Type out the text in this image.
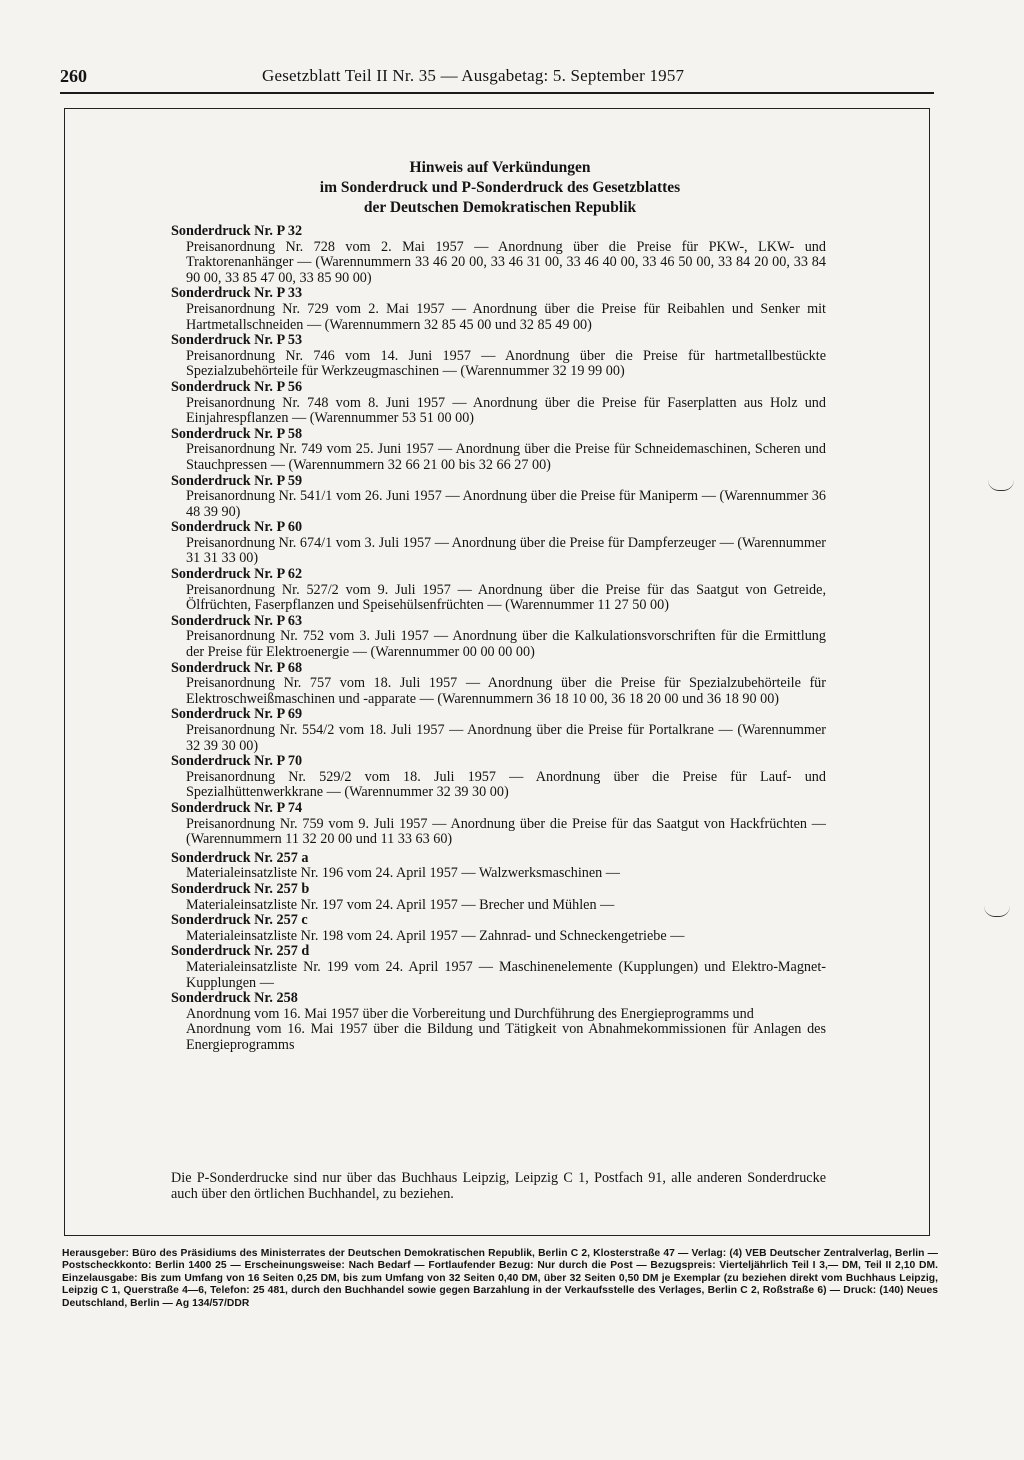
260	Gesetzblatt Teil II Nr. 35 — Ausgabetag: 5. September 1957
Hinweis auf Verkündungen
im Sonderdruck und P-Sonderdruck des Gesetzblattes
der Deutschen Demokratischen Republik
Sonderdruck Nr. P 32
Preisanordnung Nr. 728 vom 2. Mai 1957 — Anordnung über die Preise für PKW-, LKW- und Traktorenanhänger — (Warennummern 33 46 20 00, 33 46 31 00, 33 46 40 00, 33 46 50 00, 33 84 20 00, 33 84 90 00, 33 85 47 00, 33 85 90 00)
Sonderdruck Nr. P 33
Preisanordnung Nr. 729 vom 2. Mai 1957 — Anordnung über die Preise für Reibahlen und Senker mit Hartmetallschneiden — (Warennummern 32 85 45 00 und 32 85 49 00)
Sonderdruck Nr. P 53
Preisanordnung Nr. 746 vom 14. Juni 1957 — Anordnung über die Preise für hartmetallbestückte Spezialzubehörteile für Werkzeugmaschinen — (Warennummer 32 19 99 00)
Sonderdruck Nr. P 56
Preisanordnung Nr. 748 vom 8. Juni 1957 — Anordnung über die Preise für Faserplatten aus Holz und Einjahrespflanzen — (Warennummer 53 51 00 00)
Sonderdruck Nr. P 58
Preisanordnung Nr. 749 vom 25. Juni 1957 — Anordnung über die Preise für Schneidemaschinen, Scheren und Stauchpressen — (Warennummern 32 66 21 00 bis 32 66 27 00)
Sonderdruck Nr. P 59
Preisanordnung Nr. 541/1 vom 26. Juni 1957 — Anordnung über die Preise für Maniperm — (Warennummer 36 48 39 90)
Sonderdruck Nr. P 60
Preisanordnung Nr. 674/1 vom 3. Juli 1957 — Anordnung über die Preise für Dampferzeuger — (Warennummer 31 31 33 00)
Sonderdruck Nr. P 62
Preisanordnung Nr. 527/2 vom 9. Juli 1957 — Anordnung über die Preise für das Saatgut von Getreide, Ölfrüchten, Faserpflanzen und Speisehülsenfrüchten — (Warennummer 11 27 50 00)
Sonderdruck Nr. P 63
Preisanordnung Nr. 752 vom 3. Juli 1957 — Anordnung über die Kalkulationsvorschriften für die Ermittlung der Preise für Elektroenergie — (Warennummer 00 00 00 00)
Sonderdruck Nr. P 68
Preisanordnung Nr. 757 vom 18. Juli 1957 — Anordnung über die Preise für Spezialzubehörteile für Elektroschweißmaschinen und -apparate — (Warennummern 36 18 10 00, 36 18 20 00 und 36 18 90 00)
Sonderdruck Nr. P 69
Preisanordnung Nr. 554/2 vom 18. Juli 1957 — Anordnung über die Preise für Portalkrane — (Warennummer 32 39 30 00)
Sonderdruck Nr. P 70
Preisanordnung Nr. 529/2 vom 18. Juli 1957 — Anordnung über die Preise für Lauf- und Spezialhüttenwerkkrane — (Warennummer 32 39 30 00)
Sonderdruck Nr. P 74
Preisanordnung Nr. 759 vom 9. Juli 1957 — Anordnung über die Preise für das Saatgut von Hackfrüchten — (Warennummern 11 32 20 00 und 11 33 63 60)
Sonderdruck Nr. 257 a
Materialeinsatzliste Nr. 196 vom 24. April 1957 — Walzwerksmaschinen —
Sonderdruck Nr. 257 b
Materialeinsatzliste Nr. 197 vom 24. April 1957 — Brecher und Mühlen —
Sonderdruck Nr. 257 c
Materialeinsatzliste Nr. 198 vom 24. April 1957 — Zahnrad- und Schneckengetriebe —
Sonderdruck Nr. 257 d
Materialeinsatzliste Nr. 199 vom 24. April 1957 — Maschinenelemente (Kupplungen) und Elektro-Magnet-Kupplungen —
Sonderdruck Nr. 258
Anordnung vom 16. Mai 1957 über die Vorbereitung und Durchführung des Energieprogramms und
Anordnung vom 16. Mai 1957 über die Bildung und Tätigkeit von Abnahmekommissionen für Anlagen des Energieprogramms
Die P-Sonderdrucke sind nur über das Buchhaus Leipzig, Leipzig C 1, Postfach 91, alle anderen Sonderdrucke auch über den örtlichen Buchhandel, zu beziehen.
Herausgeber: Büro des Präsidiums des Ministerrates der Deutschen Demokratischen Republik, Berlin C 2, Klosterstraße 47 — Verlag: (4) VEB Deutscher Zentralverlag, Berlin — Postscheckkonto: Berlin 1400 25 — Erscheinungsweise: Nach Bedarf — Fortlaufender Bezug: Nur durch die Post — Bezugspreis: Vierteljährlich Teil I 3,— DM, Teil II 2,10 DM. Einzelausgabe: Bis zum Umfang von 16 Seiten 0,25 DM, bis zum Umfang von 32 Seiten 0,40 DM, über 32 Seiten 0,50 DM je Exemplar (zu beziehen direkt vom Buchhaus Leipzig, Leipzig C 1, Querstraße 4—6, Telefon: 25 481, durch den Buchhandel sowie gegen Barzahlung in der Verkaufsstelle des Verlages, Berlin C 2, Roßstraße 6) — Druck: (140) Neues Deutschland, Berlin — Ag 134/57/DDR
